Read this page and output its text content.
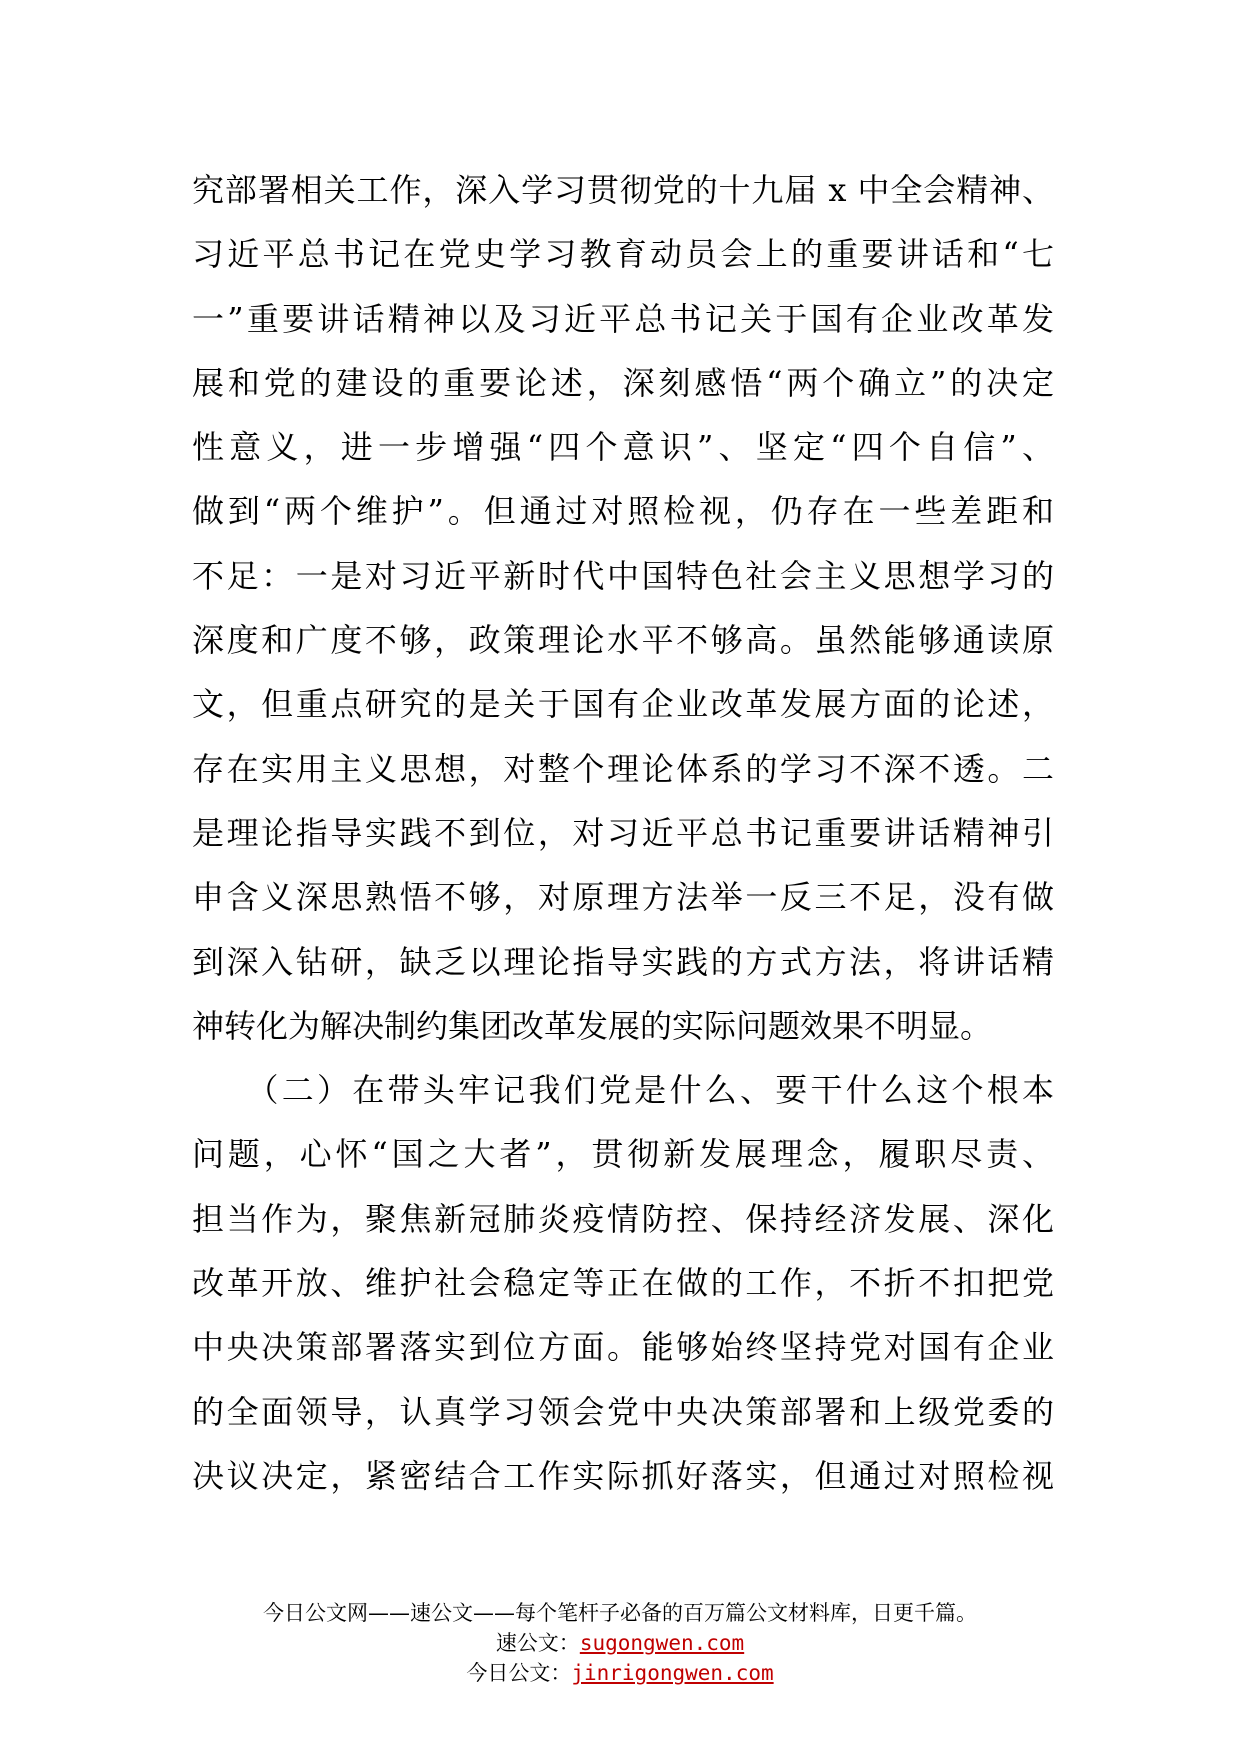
究部署相关工作，深入学习贯彻党的十九届 x 中全会精神、
习近平总书记在党史学习教育动员会上的重要讲话和“七
一”重要讲话精神以及习近平总书记关于国有企业改革发
展和党的建设的重要论述，深刻感悟“两个确立”的决定
性意义，进一步增强“四个意识”、坚定“四个自信”、
做到“两个维护”。但通过对照检视，仍存在一些差距和
不足：一是对习近平新时代中国特色社会主义思想学习的
深度和广度不够，政策理论水平不够高。虽然能够通读原
文，但重点研究的是关于国有企业改革发展方面的论述，
存在实用主义思想，对整个理论体系的学习不深不透。二
是理论指导实践不到位，对习近平总书记重要讲话精神引
申含义深思熟悟不够，对原理方法举一反三不足，没有做
到深入钻研，缺乏以理论指导实践的方式方法，将讲话精
神转化为解决制约集团改革发展的实际问题效果不明显。
　　（二）在带头牢记我们党是什么、要干什么这个根本
问题，心怀“国之大者”，贯彻新发展理念，履职尽责、
担当作为，聚焦新冠肺炎疫情防控、保持经济发展、深化
改革开放、维护社会稳定等正在做的工作，不折不扣把党
中央决策部署落实到位方面。能够始终坚持党对国有企业
的全面领导，认真学习领会党中央决策部署和上级党委的
决议决定，紧密结合工作实际抓好落实，但通过对照检视
今日公文网——速公文——每个笔杆子必备的百万篇公文材料库，日更千篇。
速公文：sugongwen.com
今日公文：jinrigongwen.com
